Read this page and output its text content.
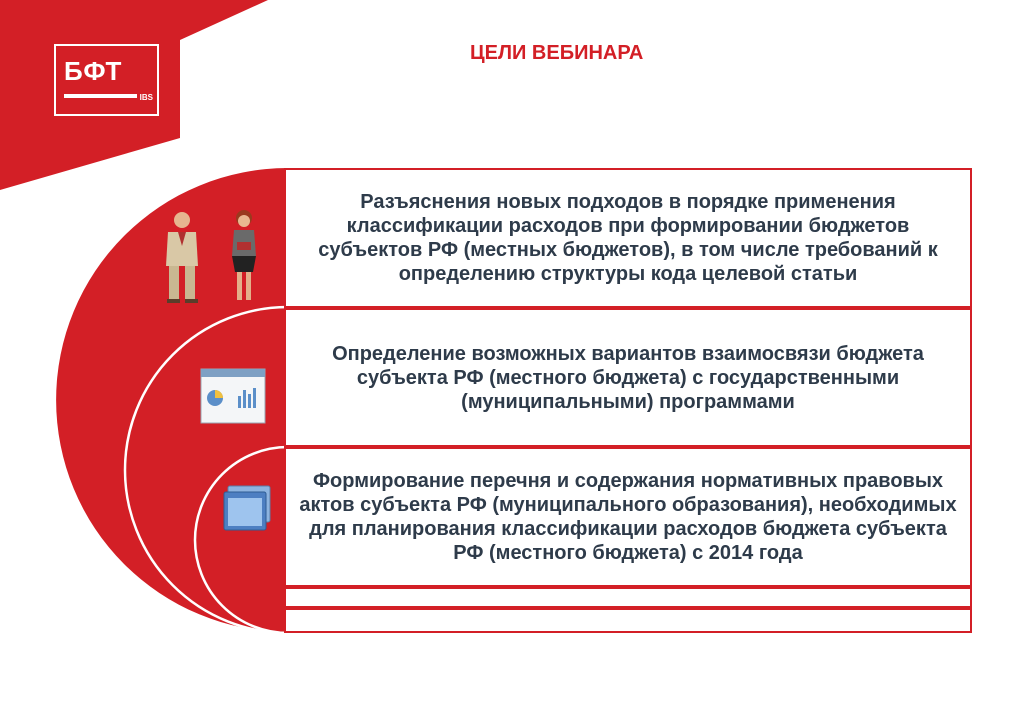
БФТ
IBS
ЦЕЛИ ВЕБИНАРА
Разъяснения новых подходов в порядке применения классификации расходов при формировании бюджетов субъектов РФ (местных бюджетов), в том числе требований к определению структуры кода целевой статьи
Определение возможных вариантов взаимосвязи бюджета субъекта РФ (местного бюджета) с государственными (муниципальными) программами
Формирование перечня и содержания нормативных правовых актов субъекта РФ (муниципального образования), необходимых для планирования классификации расходов бюджета субъекта РФ (местного бюджета) с 2014 года
